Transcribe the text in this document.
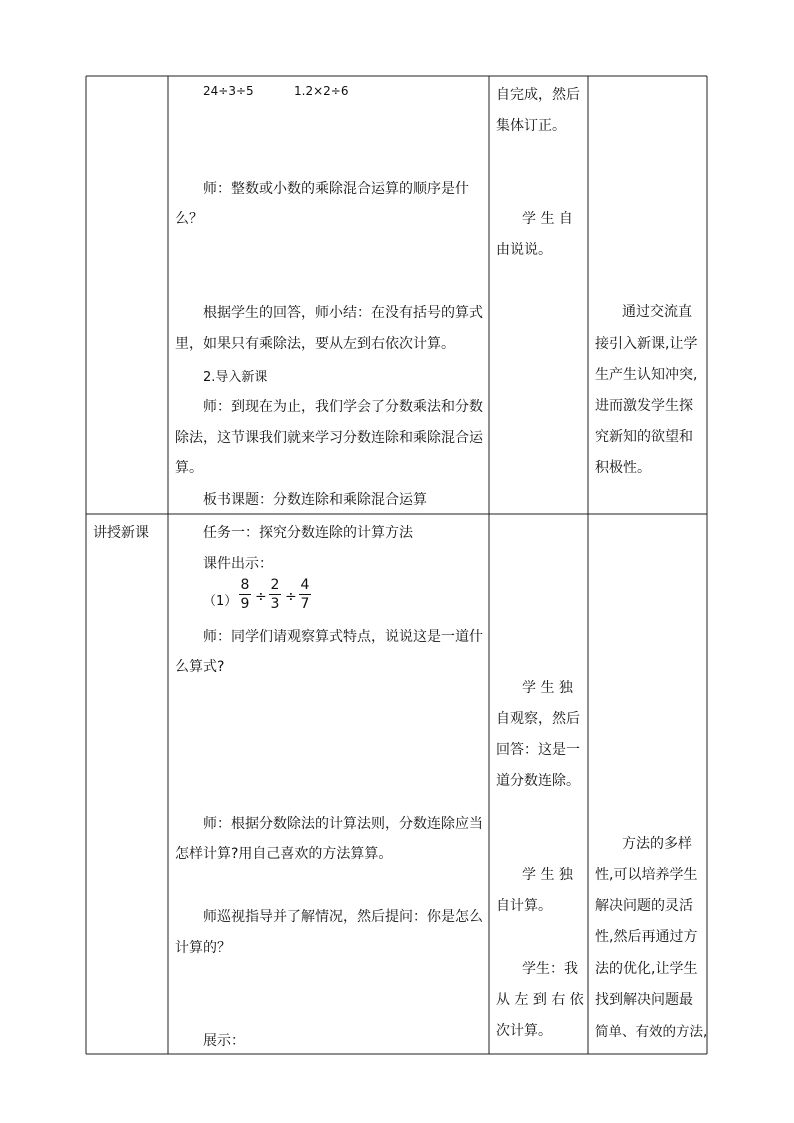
24÷3÷5	1.2×2÷6
师：整数或小数的乘除混合运算的顺序是什
么？
根据学生的回答，师小结：在没有括号的算式
里，如果只有乘除法，要从左到右依次计算。
2.导入新课
师：到现在为止，我们学会了分数乘法和分数
除法，这节课我们就来学习分数连除和乘除混合运
算。
板书课题：分数连除和乘除混合运算
自完成，然后
集体订正。
学 生 自
由说说。
通过交流直
接引入新课,让学
生产生认知冲突,
进而激发学生探
究新知的欲望和
积极性。
讲授新课	任务一：探究分数连除的计算方法
课件出示：
（1）
8
9 ÷
2
3 ÷
4
7
师：同学们请观察算式特点，说说这是一道什
么算式?
师：根据分数除法的计算法则，分数连除应当
怎样计算?用自己喜欢的方法算算。
师巡视指导并了解情况，然后提问：你是怎么
计算的？
展示：
学 生 独
自观察，然后
回答：这是一
道分数连除。
学 生 独
自计算。
学生：我
从 左 到 右 依
次计算。
方法的多样
性,可以培养学生
解决问题的灵活
性,然后再通过方
法的优化,让学生
找到解决问题最
简单、有效的方法,
